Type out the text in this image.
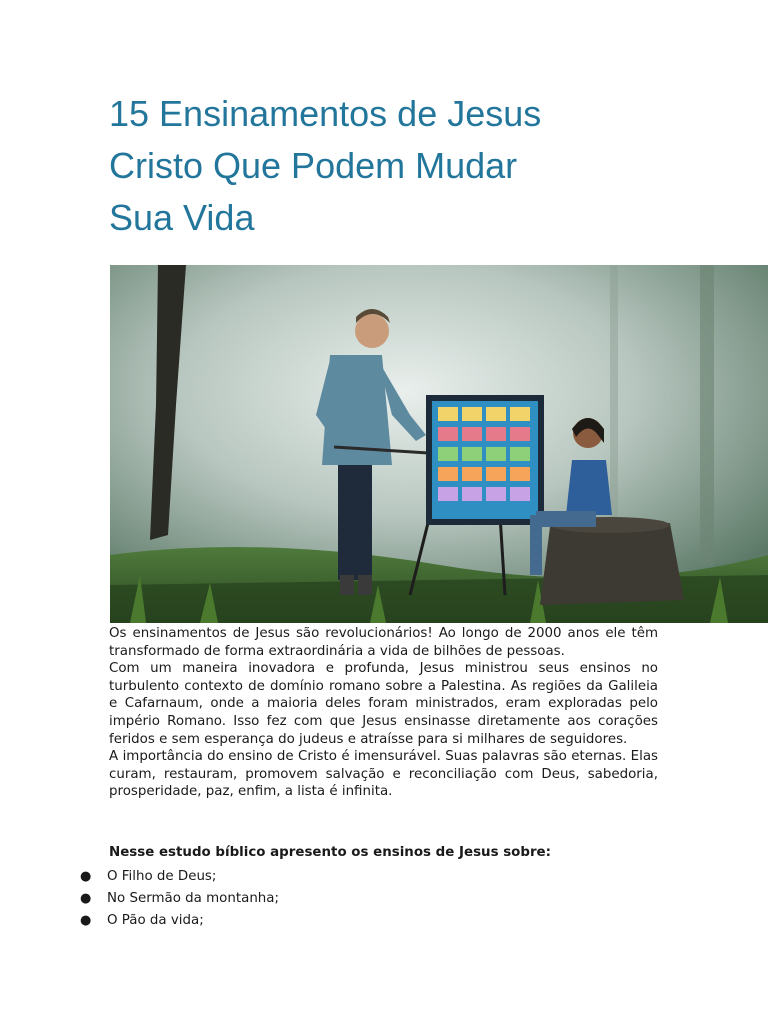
15 Ensinamentos de Jesus
Cristo Que Podem Mudar
Sua Vida

Os ensinamentos de Jesus são revolucionários! Ao longo de 2000 anos ele têm transformado de forma extraordinária a vida de bilhões de pessoas.

Com um maneira inovadora e profunda, Jesus ministrou seus ensinos no turbulento contexto de domínio romano sobre a Palestina. As regiões da Galileia e Cafarnaum, onde a maioria deles foram ministrados, eram exploradas pelo império Romano. Isso fez com que Jesus ensinasse diretamente aos corações feridos e sem esperança do judeus e atraísse para si milhares de seguidores.

A importância do ensino de Cristo é imensurável. Suas palavras são eternas. Elas curam, restauram, promovem salvação e reconciliação com Deus, sabedoria, prosperidade, paz, enfim, a lista é infinita.

Nesse estudo bíblico apresento os ensinos de Jesus sobre:

● O Filho de Deus;
● No Sermão da montanha;
● O Pão da vida;
